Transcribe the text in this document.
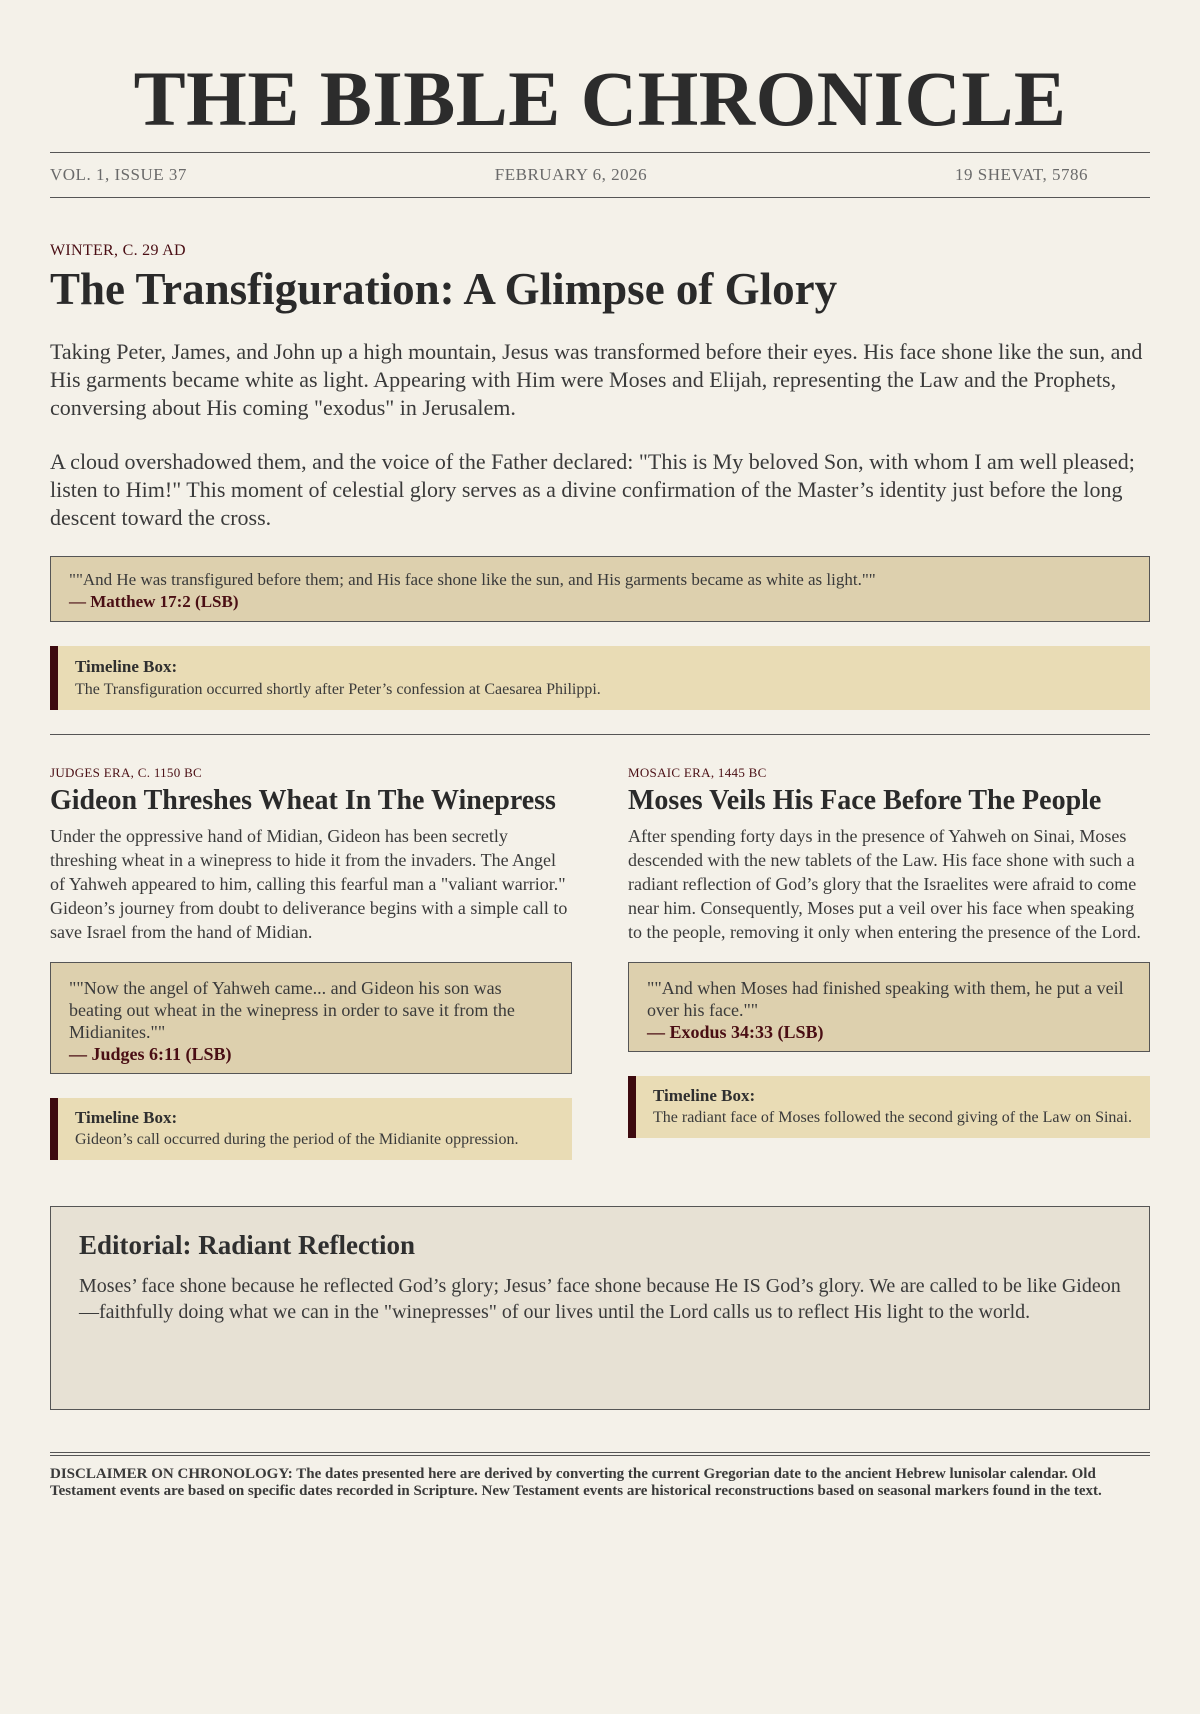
THE BIBLE CHRONICLE
VOL. 1, ISSUE 37	FEBRUARY 6, 2026	19 SHEVAT, 5786
WINTER, C. 29 AD
The Transfiguration: A Glimpse of Glory

Taking Peter, James, and John up a high mountain, Jesus was transformed before their eyes. His face shone like the sun, and His garments became white as light. Appearing with Him were Moses and Elijah, representing the Law and the Prophets, conversing about His coming "exodus" in Jerusalem.

A cloud overshadowed them, and the voice of the Father declared: "This is My beloved Son, with whom I am well pleased; listen to Him!" This moment of celestial glory serves as a divine confirmation of the Master’s identity just before the long descent toward the cross.

""And He was transfigured before them; and His face shone like the sun, and His garments became as white as light.""
— Matthew 17:2 (LSB)
Timeline Box:
The Transfiguration occurred shortly after Peter’s confession at Caesarea Philippi.
JUDGES ERA, C. 1150 BC
Gideon Threshes Wheat In The Winepress

Under the oppressive hand of Midian, Gideon has been secretly threshing wheat in a winepress to hide it from the invaders. The Angel of Yahweh appeared to him, calling this fearful man a "valiant warrior." Gideon’s journey from doubt to deliverance begins with a simple call to save Israel from the hand of Midian.

""Now the angel of Yahweh came... and Gideon his son was beating out wheat in the winepress in order to save it from the Midianites.""
— Judges 6:11 (LSB)
Timeline Box:
Gideon’s call occurred during the period of the Midianite oppression.
MOSAIC ERA, 1445 BC
Moses Veils His Face Before The People

After spending forty days in the presence of Yahweh on Sinai, Moses descended with the new tablets of the Law. His face shone with such a radiant reflection of God’s glory that the Israelites were afraid to come near him. Consequently, Moses put a veil over his face when speaking to the people, removing it only when entering the presence of the Lord.

""And when Moses had finished speaking with them, he put a veil over his face.""
— Exodus 34:33 (LSB)
Timeline Box:
The radiant face of Moses followed the second giving of the Law on Sinai.
Editorial: Radiant Reflection

Moses’ face shone because he reflected God’s glory; Jesus’ face shone because He IS God’s glory. We are called to be like Gideon—faithfully doing what we can in the "winepresses" of our lives until the Lord calls us to reflect His light to the world.

DISCLAIMER ON CHRONOLOGY: The dates presented here are derived by converting the current Gregorian date to the ancient Hebrew lunisolar calendar. Old Testament events are based on specific dates recorded in Scripture. New Testament events are historical reconstructions based on seasonal markers found in the text.
